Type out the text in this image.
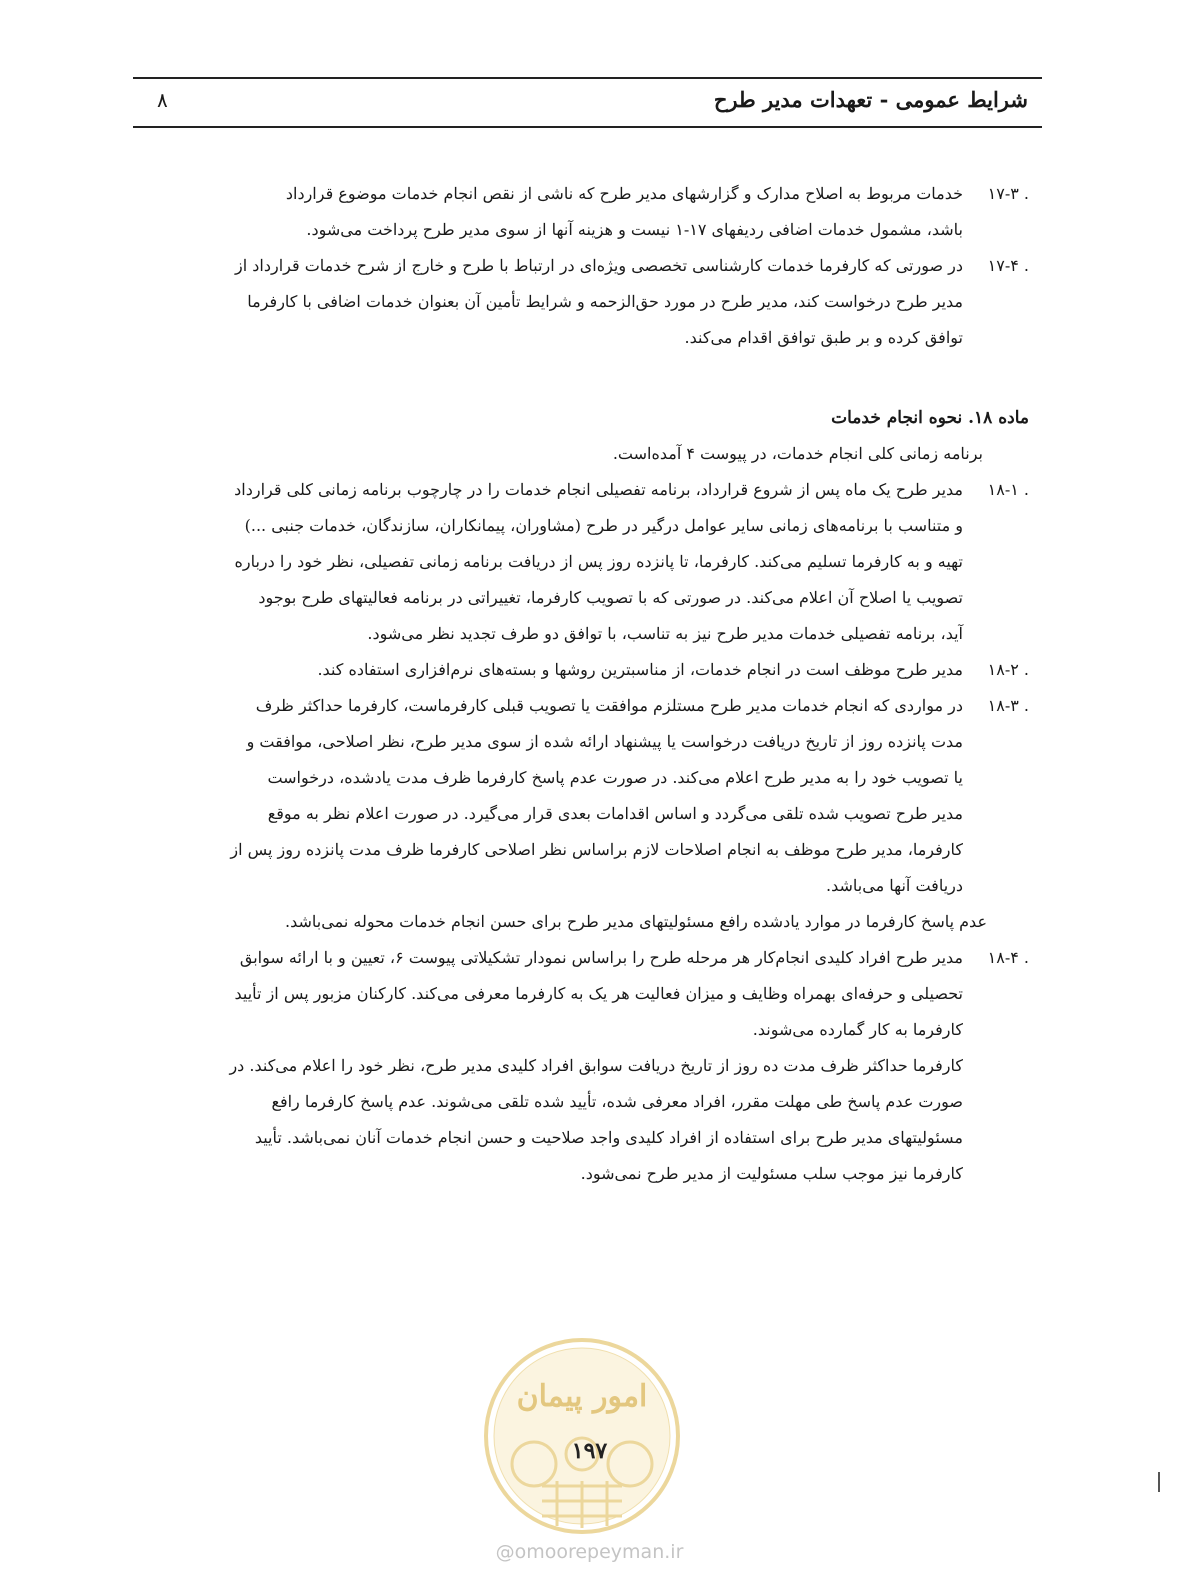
شرایط عمومی - تعهدات مدیر طرح
۸
۱۷-۳ .

خدمات مربوط به اصلاح مدارک و گزارشهای مدیر طرح که ناشی از نقص انجام خدمات موضوع قرارداد

باشد، مشمول خدمات اضافی ردیفهای ۱۷-۱ نیست و هزینه آنها از سوی مدیر طرح پرداخت می‌شود.

۱۷-۴ .

در صورتی که کارفرما خدمات کارشناسی تخصصی ویژه‌ای در ارتباط با طرح و خارج از شرح خدمات قرارداد از

مدیر طرح درخواست کند، مدیر طرح در مورد حق‌الزحمه و شرایط تأمین آن بعنوان خدمات اضافی با کارفرما

توافق کرده و بر طبق توافق اقدام می‌کند.

ماده ۱۸. نحوه انجام خدمات

برنامه زمانی کلی انجام خدمات، در پیوست ۴ آمده‌است.

۱۸-۱ .

مدیر طرح یک ماه پس از شروع قرارداد، برنامه تفصیلی انجام خدمات را در چارچوب برنامه زمانی کلی قرارداد

و متناسب با برنامه‌های زمانی سایر عوامل درگیر در طرح (مشاوران، پیمانکاران، سازندگان، خدمات جنبی ...)

تهیه و به کارفرما تسلیم می‌کند. کارفرما، تا پانزده روز پس از دریافت برنامه زمانی تفصیلی، نظر خود را درباره

تصویب یا اصلاح آن اعلام می‌کند. در صورتی که با تصویب کارفرما، تغییراتی در برنامه فعالیتهای طرح بوجود

آید، برنامه تفصیلی خدمات مدیر طرح نیز به تناسب، با توافق دو طرف تجدید نظر می‌شود.

۱۸-۲ .

مدیر طرح موظف است در انجام خدمات، از مناسبترین روشها و بسته‌های نرم‌افزاری استفاده کند.

۱۸-۳ .

در مواردی که انجام خدمات مدیر طرح مستلزم موافقت یا تصویب قبلی کارفرماست، کارفرما حداکثر ظرف

مدت پانزده روز از تاریخ دریافت درخواست یا پیشنهاد ارائه شده از سوی مدیر طرح، نظر اصلاحی، موافقت و

یا تصویب خود را به مدیر طرح اعلام می‌کند. در صورت عدم پاسخ کارفرما ظرف مدت یادشده، درخواست

مدیر طرح تصویب شده تلقی می‌گردد و اساس اقدامات بعدی قرار می‌گیرد. در صورت اعلام نظر به موقع

کارفرما، مدیر طرح موظف به انجام اصلاحات لازم براساس نظر اصلاحی کارفرما ظرف مدت پانزده روز پس از

دریافت آنها می‌باشد.

عدم پاسخ کارفرما در موارد یادشده رافع مسئولیتهای مدیر طرح برای حسن انجام خدمات محوله نمی‌باشد.

۱۸-۴ .

مدیر طرح افراد کلیدی انجام‌کار هر مرحله طرح را براساس نمودار تشکیلاتی پیوست ۶، تعیین و با ارائه سوابق

تحصیلی و حرفه‌ای بهمراه وظایف و میزان فعالیت هر یک به کارفرما معرفی می‌کند. کارکنان مزبور پس از تأیید

کارفرما به کار گمارده می‌شوند.

کارفرما حداکثر ظرف مدت ده روز از تاریخ دریافت سوابق افراد کلیدی مدیر طرح، نظر خود را اعلام می‌کند. در

صورت عدم پاسخ طی مهلت مقرر، افراد معرفی شده، تأیید شده تلقی می‌شوند. عدم پاسخ کارفرما رافع

مسئولیتهای مدیر طرح برای استفاده از افراد کلیدی واجد صلاحیت و حسن انجام خدمات آنان نمی‌باشد. تأیید

کارفرما نیز موجب سلب مسئولیت از مدیر طرح نمی‌شود.

امور پیمان
۱۹۷
@omoorepeyman.ir
